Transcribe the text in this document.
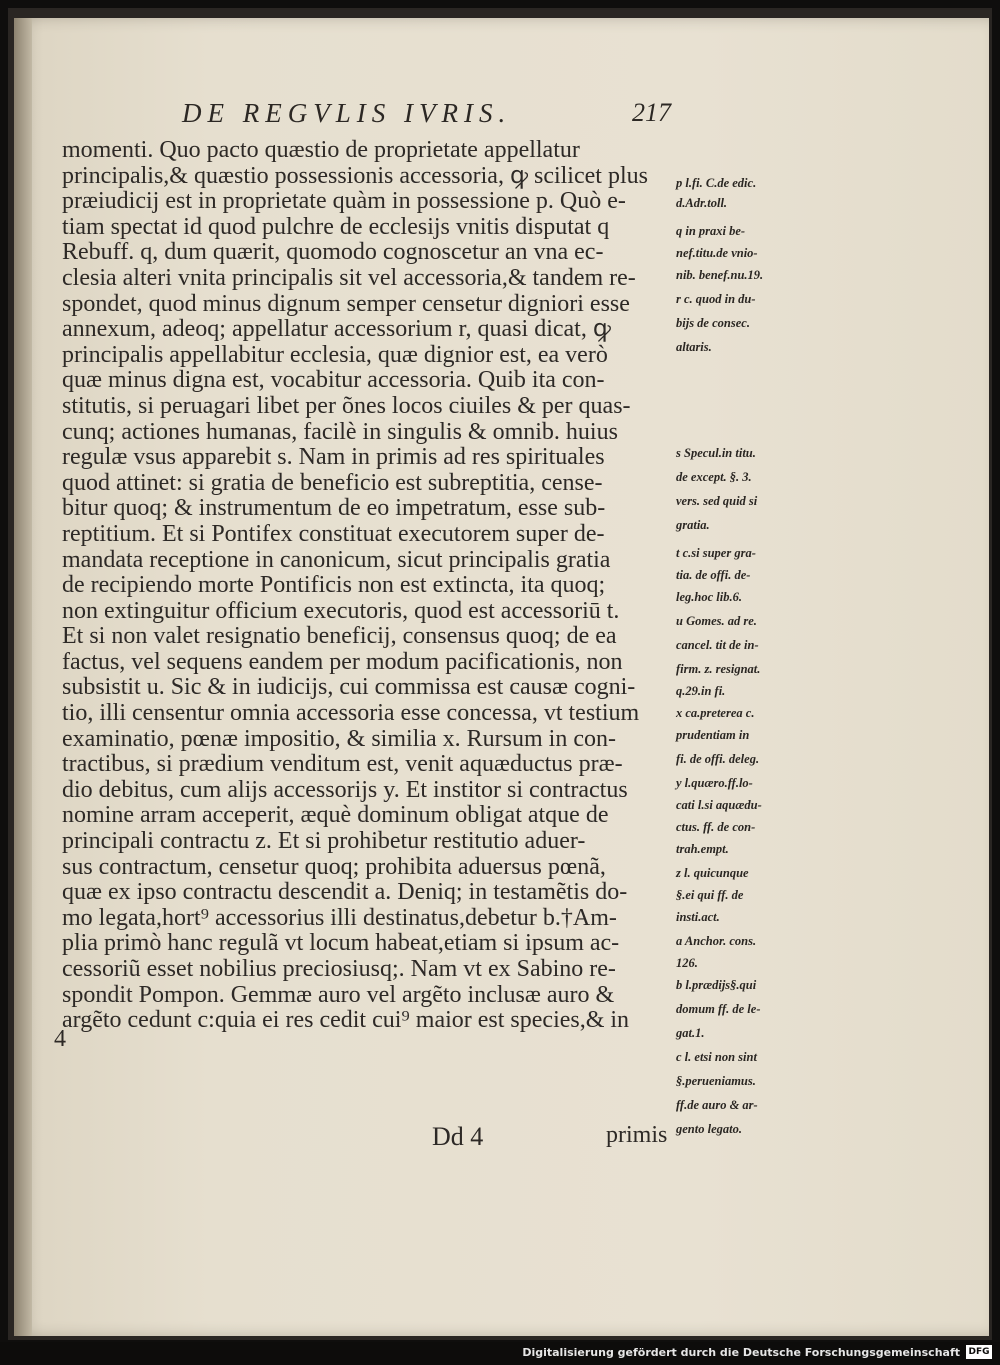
DE REGVLIS IVRIS.	217
momenti. Quo pacto quæstio de proprietate appellatur
principalis,& quæstio possessionis accessoria, ꝙ scilicet plus
præiudicij est in proprietate quàm in possessione p. Quò e-
tiam spectat id quod pulchre de ecclesijs vnitis disputat q
Rebuff. q, dum quærit, quomodo cognoscetur an vna ec-
clesia alteri vnita principalis sit vel accessoria,& tandem re-
spondet, quod minus dignum semper censetur digniori esse
annexum, adeoq; appellatur accessorium r, quasi dicat, ꝙ
principalis appellabitur ecclesia, quæ dignior est, ea verò
quæ minus digna est, vocabitur accessoria. Quib ita con-
stitutis, si peruagari libet per õnes locos ciuiles & per quas-
cunq; actiones humanas, facilè in singulis & omnib. huius
regulæ vsus apparebit s. Nam in primis ad res spirituales
quod attinet: si gratia de beneficio est subreptitia, cense-
bitur quoq; & instrumentum de eo impetratum, esse sub-
reptitium. Et si Pontifex constituat executorem super de-
mandata receptione in canonicum, sicut principalis gratia
de recipiendo morte Pontificis non est extincta, ita quoq;
non extinguitur officium executoris, quod est accessoriū t.
Et si non valet resignatio beneficij, consensus quoq; de ea
factus, vel sequens eandem per modum pacificationis, non
subsistit u. Sic & in iudicijs, cui commissa est causæ cogni-
tio, illi censentur omnia accessoria esse concessa, vt testium
examinatio, pœnæ impositio, & similia x. Rursum in con-
tractibus, si prædium venditum est, venit aquæductus præ-
dio debitus, cum alijs accessorijs y. Et institor si contractus
nomine arram acceperit, æquè dominum obligat atque de
principali contractu z. Et si prohibetur restitutio aduer-
sus contractum, censetur quoq; prohibita aduersus pœnã,
quæ ex ipso contractu descendit a. Deniq; in testamẽtis do-
mo legata,hort⁹ accessorius illi destinatus,debetur b.†Am-
plia primò hanc regulã vt locum habeat,etiam si ipsum ac-
cessoriũ esset nobilius preciosiusq;. Nam vt ex Sabino re-
spondit Pompon. Gemmæ auro vel argẽto inclusæ auro &
argẽto cedunt c:quia ei res cedit cui⁹ maior est species,& in
p l.fi. C.de edic.
d.Adr.toll.
q in praxi be-
nef.titu.de vnio-
nib. benef.nu.19.
r c. quod in du-
bijs de consec.
altaris.
s Specul.in titu.
de except. §. 3.
vers. sed quid si
gratia.
t c.si super gra-
tia. de offi. de-
leg.hoc lib.6.
u Gomes. ad re.
cancel. tit de in-
firm. z. resignat.
q.29.in fi.
x ca.preterea c.
prudentiam in
fi. de offi. deleg.
y l.quæro.ff.lo-
cati l.si aquædu-
ctus. ff. de con-
trah.empt.
z l. quicunque
§.ei qui ff. de
insti.act.
a Anchor. cons.
126.
b l.prædijs§.qui
domum ff. de le-
gat.1.
c l. etsi non sint
§.perueniamus.
ff.de auro & ar-
gento legato.
4
Dd 4	primis
Digitalisierung gefördert durch die Deutsche Forschungsgemeinschaft DFG
